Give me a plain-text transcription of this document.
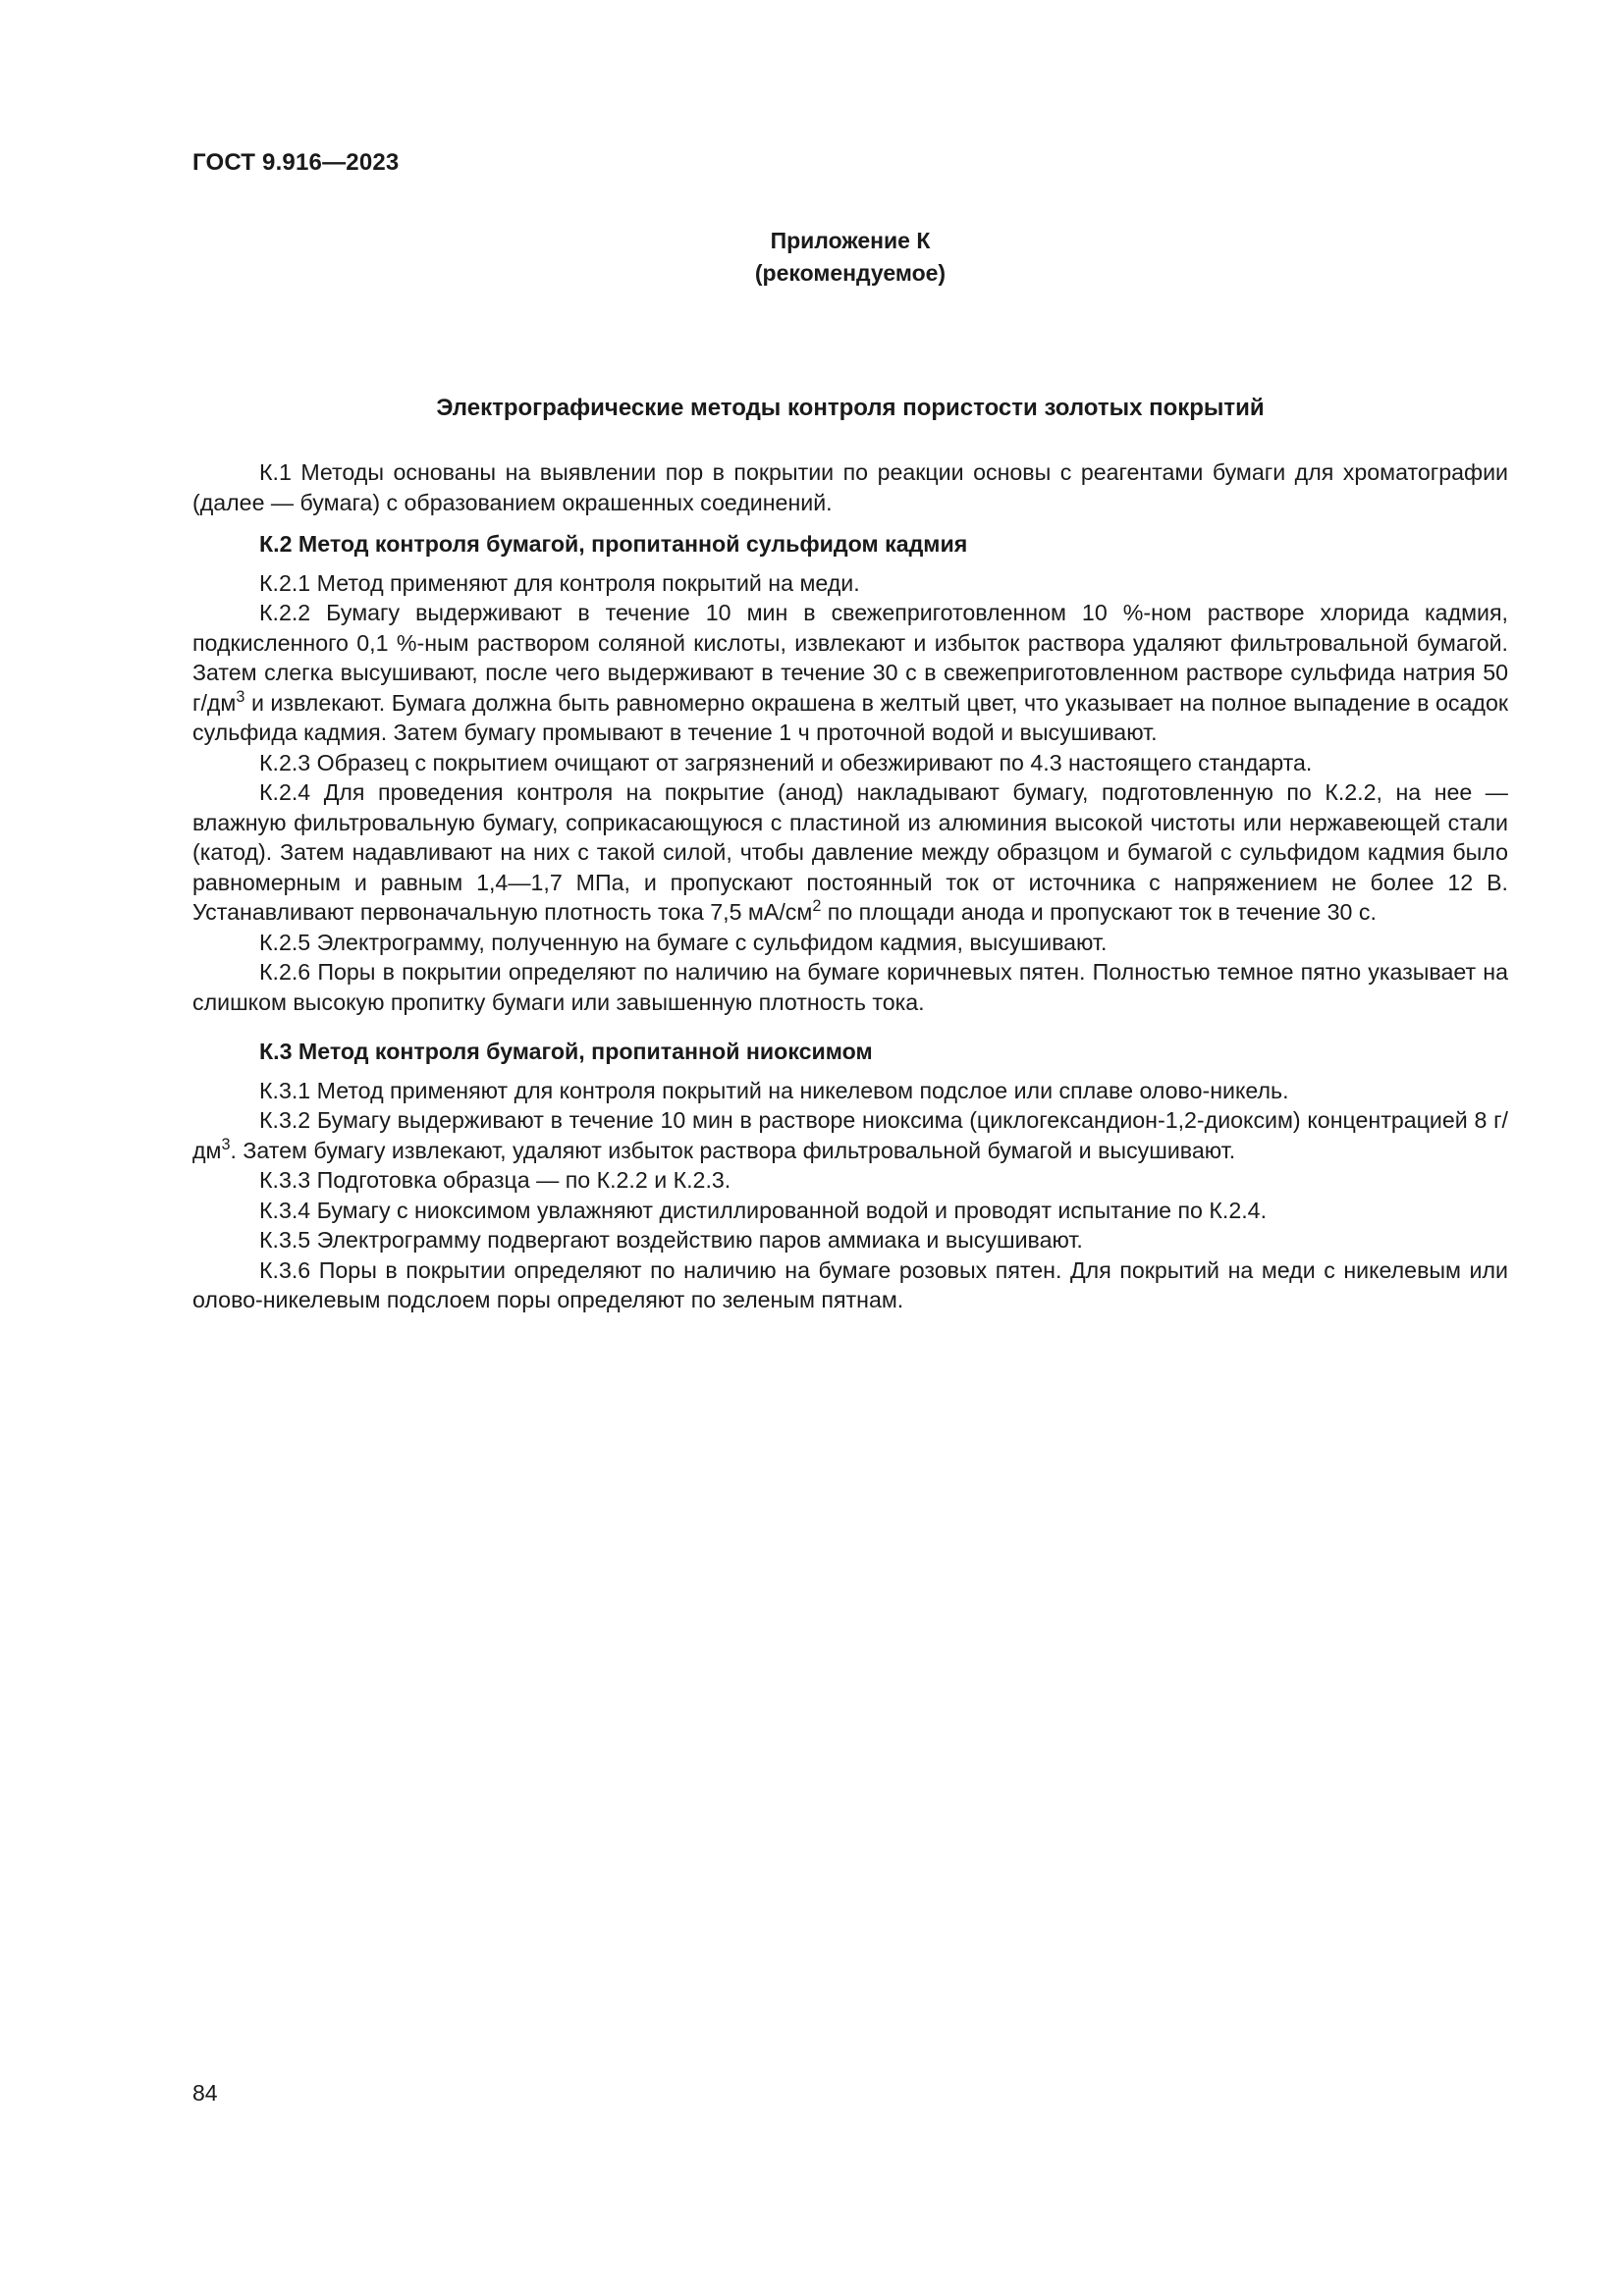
ГОСТ 9.916—2023
Приложение К
(рекомендуемое)
Электрографические методы контроля пористости золотых покрытий

К.1 Методы основаны на выявлении пор в покрытии по реакции основы с реагентами бумаги для хроматографии (далее — бумага) с образованием окрашенных соединений.

К.2 Метод контроля бумагой, пропитанной сульфидом кадмия

К.2.1 Метод применяют для контроля покрытий на меди.

К.2.2 Бумагу выдерживают в течение 10 мин в свежеприготовленном 10 %-ном растворе хлорида кадмия, подкисленного 0,1 %-ным раствором соляной кислоты, извлекают и избыток раствора удаляют фильтровальной бумагой. Затем слегка высушивают, после чего выдерживают в течение 30 с в свежеприготовленном растворе сульфида натрия 50 $г/дм^3$ и извлекают. Бумага должна быть равномерно окрашена в желтый цвет, что указывает на полное выпадение в осадок сульфида кадмия. Затем бумагу промывают в течение 1 ч проточной водой и высушивают.

К.2.3 Образец с покрытием очищают от загрязнений и обезжиривают по 4.3 настоящего стандарта.

К.2.4 Для проведения контроля на покрытие (анод) накладывают бумагу, подготовленную по К.2.2, на нее — влажную фильтровальную бумагу, соприкасающуюся с пластиной из алюминия высокой чистоты или нержавеющей стали (катод). Затем надавливают на них с такой силой, чтобы давление между образцом и бумагой с сульфидом кадмия было равномерным и равным 1,4—1,7 МПа, и пропускают постоянный ток от источника с напряжением не более 12 В. Устанавливают первоначальную плотность тока 7,5 $мА/см^2$ по площади анода и пропускают ток в течение 30 с.

К.2.5 Электрограмму, полученную на бумаге с сульфидом кадмия, высушивают.

К.2.6 Поры в покрытии определяют по наличию на бумаге коричневых пятен. Полностью темное пятно указывает на слишком высокую пропитку бумаги или завышенную плотность тока.

К.3 Метод контроля бумагой, пропитанной ниоксимом

К.3.1 Метод применяют для контроля покрытий на никелевом подслое или сплаве олово-никель.

К.3.2 Бумагу выдерживают в течение 10 мин в растворе ниоксима (циклогександион-1,2-диоксим) концентрацией 8 $г/дм^3$. Затем бумагу извлекают, удаляют избыток раствора фильтровальной бумагой и высушивают.

К.3.3 Подготовка образца — по К.2.2 и К.2.3.

К.3.4 Бумагу с ниоксимом увлажняют дистиллированной водой и проводят испытание по К.2.4.

К.3.5 Электрограмму подвергают воздействию паров аммиака и высушивают.

К.3.6 Поры в покрытии определяют по наличию на бумаге розовых пятен. Для покрытий на меди с никелевым или олово-никелевым подслоем поры определяют по зеленым пятнам.

84
